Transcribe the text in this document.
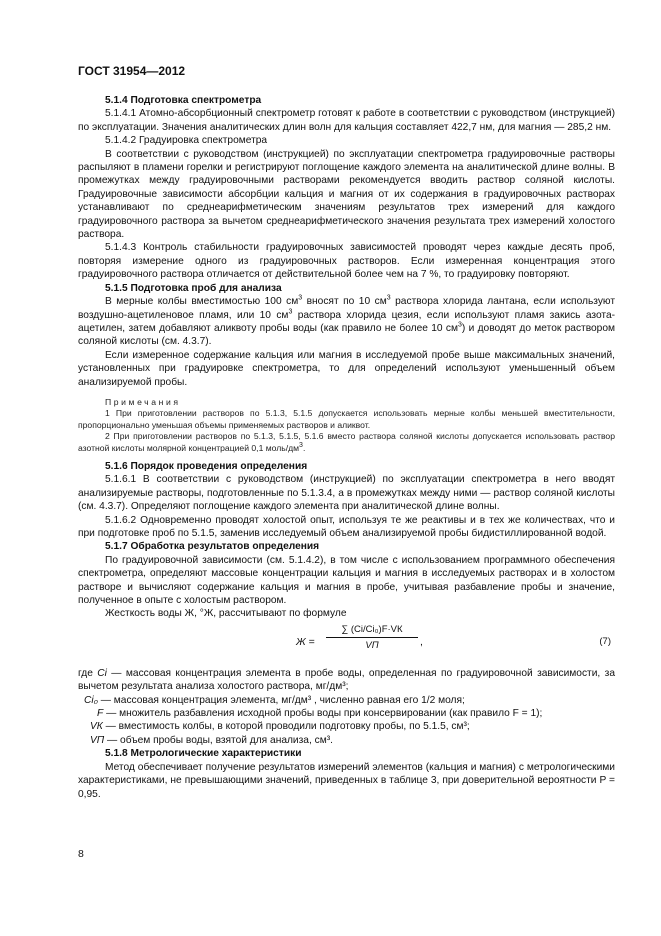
ГОСТ 31954—2012

5.1.4 Подготовка спектрометра

5.1.4.1 Атомно-абсорбционный спектрометр готовят к работе в соответствии с руководством (инструкцией) по эксплуатации. Значения аналитических длин волн для кальция составляет 422,7 нм, для магния — 285,2 нм.

5.1.4.2 Градуировка спектрометра

В соответствии с руководством (инструкцией) по эксплуатации спектрометра градуировочные растворы распыляют в пламени горелки и регистрируют поглощение каждого элемента на аналитической длине волны. В промежутках между градуировочными растворами рекомендуется вводить раствор соляной кислоты. Градуировочные зависимости абсорбции кальция и магния от их содержания в градуировочных растворах устанавливают по среднеарифметическим значениям результатов трех измерений для каждого градуировочного раствора за вычетом среднеарифметического значения результата трех измерений холостого раствора.

5.1.4.3 Контроль стабильности градуировочных зависимостей проводят через каждые десять проб, повторяя измерение одного из градуировочных растворов. Если измеренная концентрация этого градуировочного раствора отличается от действительной более чем на 7 %, то градуировку повторяют.

5.1.5 Подготовка проб для анализа

В мерные колбы вместимостью 100 $см^3$ вносят по 10 $см^3$ раствора хлорида лантана, если используют воздушно-ацетиленовое пламя, или 10 $см^3$ раствора хлорида цезия, если используют пламя закись азота-ацетилен, затем добавляют аликвоту пробы воды (как правило не более 10 $см^3$) и доводят до меток раствором соляной кислоты (см. 4.3.7).

Если измеренное содержание кальция или магния в исследуемой пробе выше максимальных значений, установленных при градуировке спектрометра, то для определений используют уменьшенный объем анализируемой пробы.

Примечания

1 При приготовлении растворов по 5.1.3, 5.1.5 допускается использовать мерные колбы меньшей вместительности, пропорционально уменьшая объемы применяемых растворов и аликвот.

2 При приготовлении растворов по 5.1.3, 5.1.5, 5.1.6 вместо раствора соляной кислоты допускается использовать раствор азотной кислоты молярной концентрацией 0,1 моль/$дм^3$.

5.1.6 Порядок проведения определения

5.1.6.1 В соответствии с руководством (инструкцией) по эксплуатации спектрометра в него вводят анализируемые растворы, подготовленные по 5.1.3.4, а в промежутках между ними — раствор соляной кислоты (см. 4.3.7). Определяют поглощение каждого элемента при аналитической длине волны.

5.1.6.2 Одновременно проводят холостой опыт, используя те же реактивы и в тех же количествах, что и при подготовке проб по 5.1.5, заменив исследуемый объем анализируемой пробы бидистиллированной водой.

5.1.7 Обработка результатов определения

По градуировочной зависимости (см. 5.1.4.2), в том числе с использованием программного обеспечения спектрометра, определяют массовые концентрации кальция и магния в исследуемых растворах и в холостом растворе и вычисляют содержание кальция и магния в пробе, учитывая разбавление пробы и значение, полученное в опыте с холостым раствором.

Жесткость воды Ж, °Ж, рассчитывают по формуле

Ж =
∑ (Ci/Ci₀)F·VК
VП	,	(7)

где Ci — массовая концентрация элемента в пробе воды, определенная по градуировочной зависимости, за вычетом результата анализа холостого раствора, мг/дм³;

Ci₀ — массовая концентрация элемента, мг/дм³ , численно равная его 1/2 моля;

F — множитель разбавления исходной пробы воды при консервировании (как правило F = 1);

VК — вместимость колбы, в которой проводили подготовку пробы, по 5.1.5, см³;

VП — объем пробы воды, взятой для анализа, см³.

5.1.8 Метрологические характеристики

Метод обеспечивает получение результатов измерений элементов (кальция и магния) с метрологическими характеристиками, не превышающими значений, приведенных в таблице 3, при доверительной вероятности P = 0,95.

8
